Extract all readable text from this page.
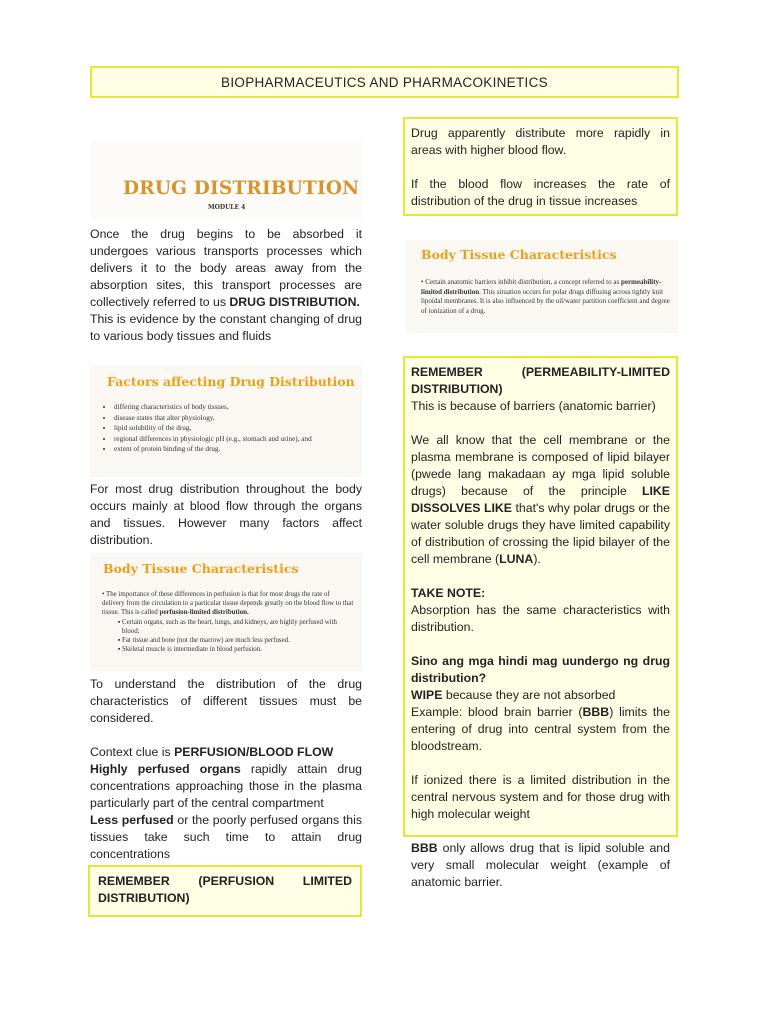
BIOPHARMACEUTICS AND PHARMACOKINETICS
DRUG DISTRIBUTION
MODULE 4

Once the drug begins to be absorbed it undergoes various transports processes which delivers it to the body areas away from the absorption sites, this transport processes are collectively referred to us DRUG DISTRIBUTION.

This is evidence by the constant changing of drug to various body tissues and fluids

Factors affecting Drug Distribution
• differing characteristics of body tissues,
• disease states that alter physiology,
• lipid solubility of the drug,
• regional differences in physiologic pH (e.g., stomach and urine), and
• extent of protein binding of the drug.

For most drug distribution throughout the body occurs mainly at blood flow through the organs and tissues. However many factors affect distribution.

Body Tissue Characteristics
• The importance of these differences in perfusion is that for most drugs the rate of delivery from the circulation to a particular tissue depends greatly on the blood flow to that tissue. This is called perfusion-limited distribution.
▪ Certain organs, such as the heart, lungs, and kidneys, are highly perfused with blood;
▪ Fat tissue and bone (not the marrow) are much less perfused.
▪ Skeletal muscle is intermediate in blood perfusion.

To understand the distribution of the drug characteristics of different tissues must be considered.

Context clue is PERFUSION/BLOOD FLOW

Highly perfused organs rapidly attain drug concentrations approaching those in the plasma particularly part of the central compartment

Less perfused or the poorly perfused organs this tissues take such time to attain drug concentrations

REMEMBER (PERFUSION LIMITED DISTRIBUTION)

Drug apparently distribute more rapidly in areas with higher blood flow.

If the blood flow increases the rate of distribution of the drug in tissue increases

Body Tissue Characteristics
• Certain anatomic barriers inhibit distribution, a concept referred to as permeability-limited distribution. This situation occurs for polar drugs diffusing across tightly knit lipoidal membranes. It is also influenced by the oil/water partition coefficient and degree of ionization of a drug.

REMEMBER (PERMEABILITY-LIMITED DISTRIBUTION)

This is because of barriers (anatomic barrier)

We all know that the cell membrane or the plasma membrane is composed of lipid bilayer (pwede lang makadaan ay mga lipid soluble drugs) because of the principle LIKE DISSOLVES LIKE that's why polar drugs or the water soluble drugs they have limited capability of distribution of crossing the lipid bilayer of the cell membrane (LUNA).

TAKE NOTE:

Absorption has the same characteristics with distribution.

Sino ang mga hindi mag uundergo ng drug distribution?

WIPE because they are not absorbed

Example: blood brain barrier (BBB) limits the entering of drug into central system from the bloodstream.

If ionized there is a limited distribution in the central nervous system and for those drug with high molecular weight

BBB only allows drug that is lipid soluble and very small molecular weight (example of anatomic barrier.
